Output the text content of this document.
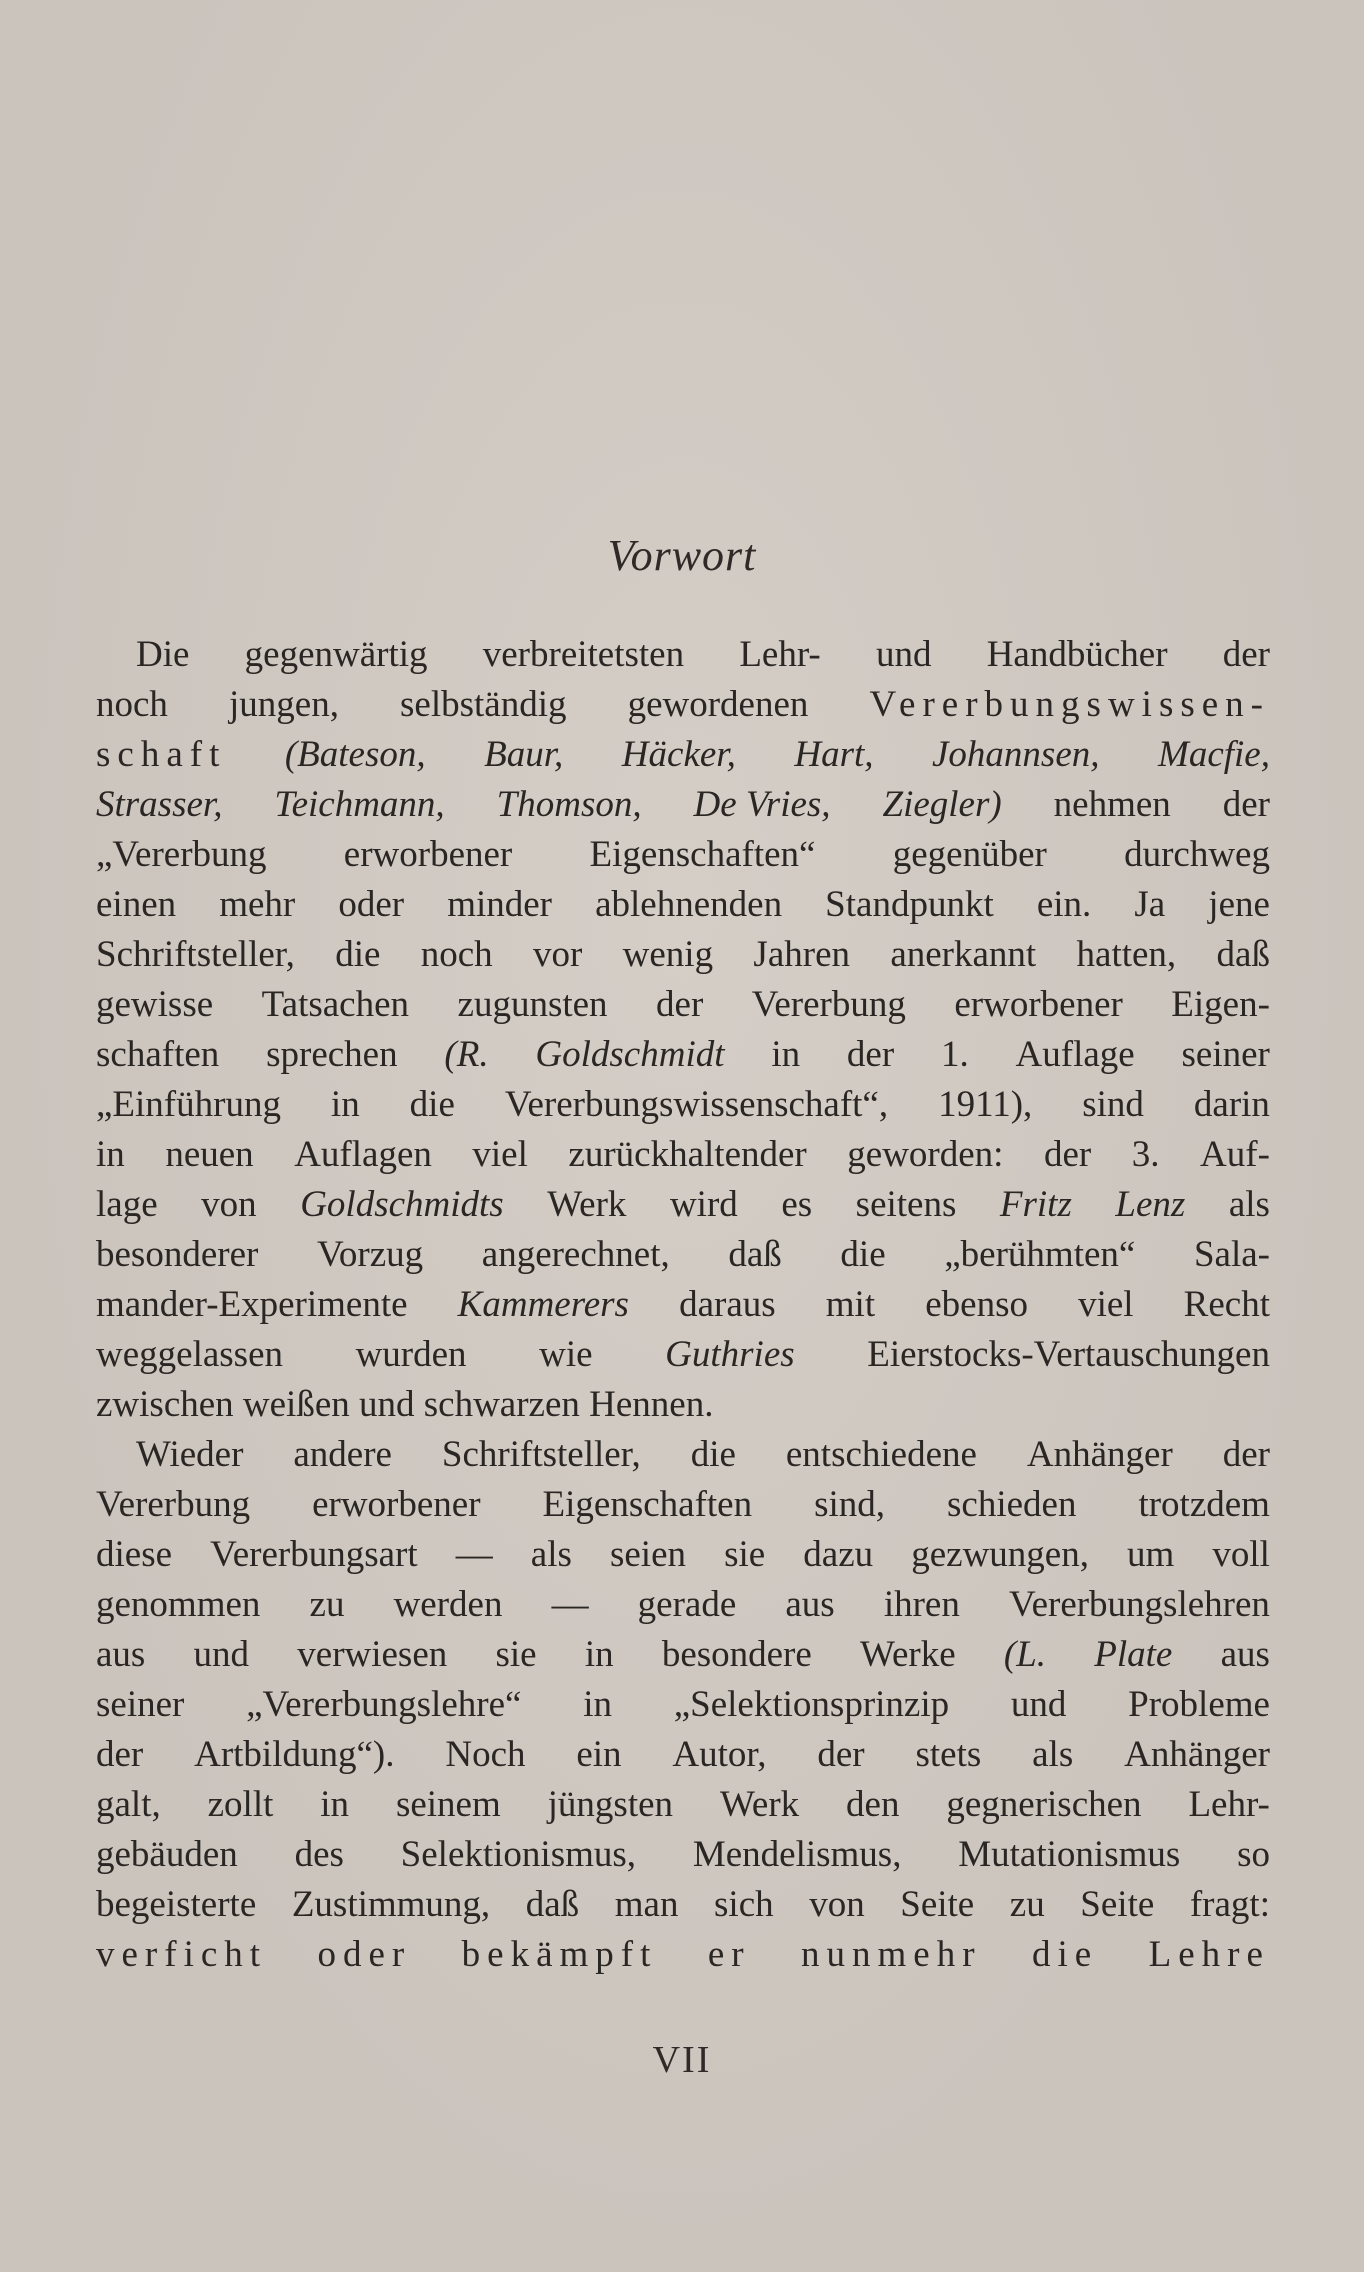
Vorwort
Die gegenwärtig verbreitetsten Lehr- und Handbücher der
noch jungen, selbständig gewordenen Vererbungswissen-
schaft (Bateson, Baur, Häcker, Hart, Johannsen, Macfie,
Strasser, Teichmann, Thomson, De Vries, Ziegler) nehmen der
„Vererbung erworbener Eigenschaften“ gegenüber durchweg
einen mehr oder minder ablehnenden Standpunkt ein. Ja jene
Schriftsteller, die noch vor wenig Jahren anerkannt hatten, daß
gewisse Tatsachen zugunsten der Vererbung erworbener Eigen-
schaften sprechen (R. Goldschmidt in der 1. Auflage seiner
„Einführung in die Vererbungswissenschaft“, 1911), sind darin
in neuen Auflagen viel zurückhaltender geworden: der 3. Auf-
lage von Goldschmidts Werk wird es seitens Fritz Lenz als
besonderer Vorzug angerechnet, daß die „berühmten“ Sala-
mander-Experimente Kammerers daraus mit ebenso viel Recht
weggelassen wurden wie Guthries Eierstocks-Vertauschungen
zwischen weißen und schwarzen Hennen.
Wieder andere Schriftsteller, die entschiedene Anhänger der
Vererbung erworbener Eigenschaften sind, schieden trotzdem
diese Vererbungsart — als seien sie dazu gezwungen, um voll
genommen zu werden — gerade aus ihren Vererbungslehren
aus und verwiesen sie in besondere Werke (L. Plate aus
seiner „Vererbungslehre“ in „Selektionsprinzip und Probleme
der Artbildung“). Noch ein Autor, der stets als Anhänger
galt, zollt in seinem jüngsten Werk den gegnerischen Lehr-
gebäuden des Selektionismus, Mendelismus, Mutationismus so
begeisterte Zustimmung, daß man sich von Seite zu Seite fragt:
verficht oder bekämpft er nunmehr die Lehre
VII
